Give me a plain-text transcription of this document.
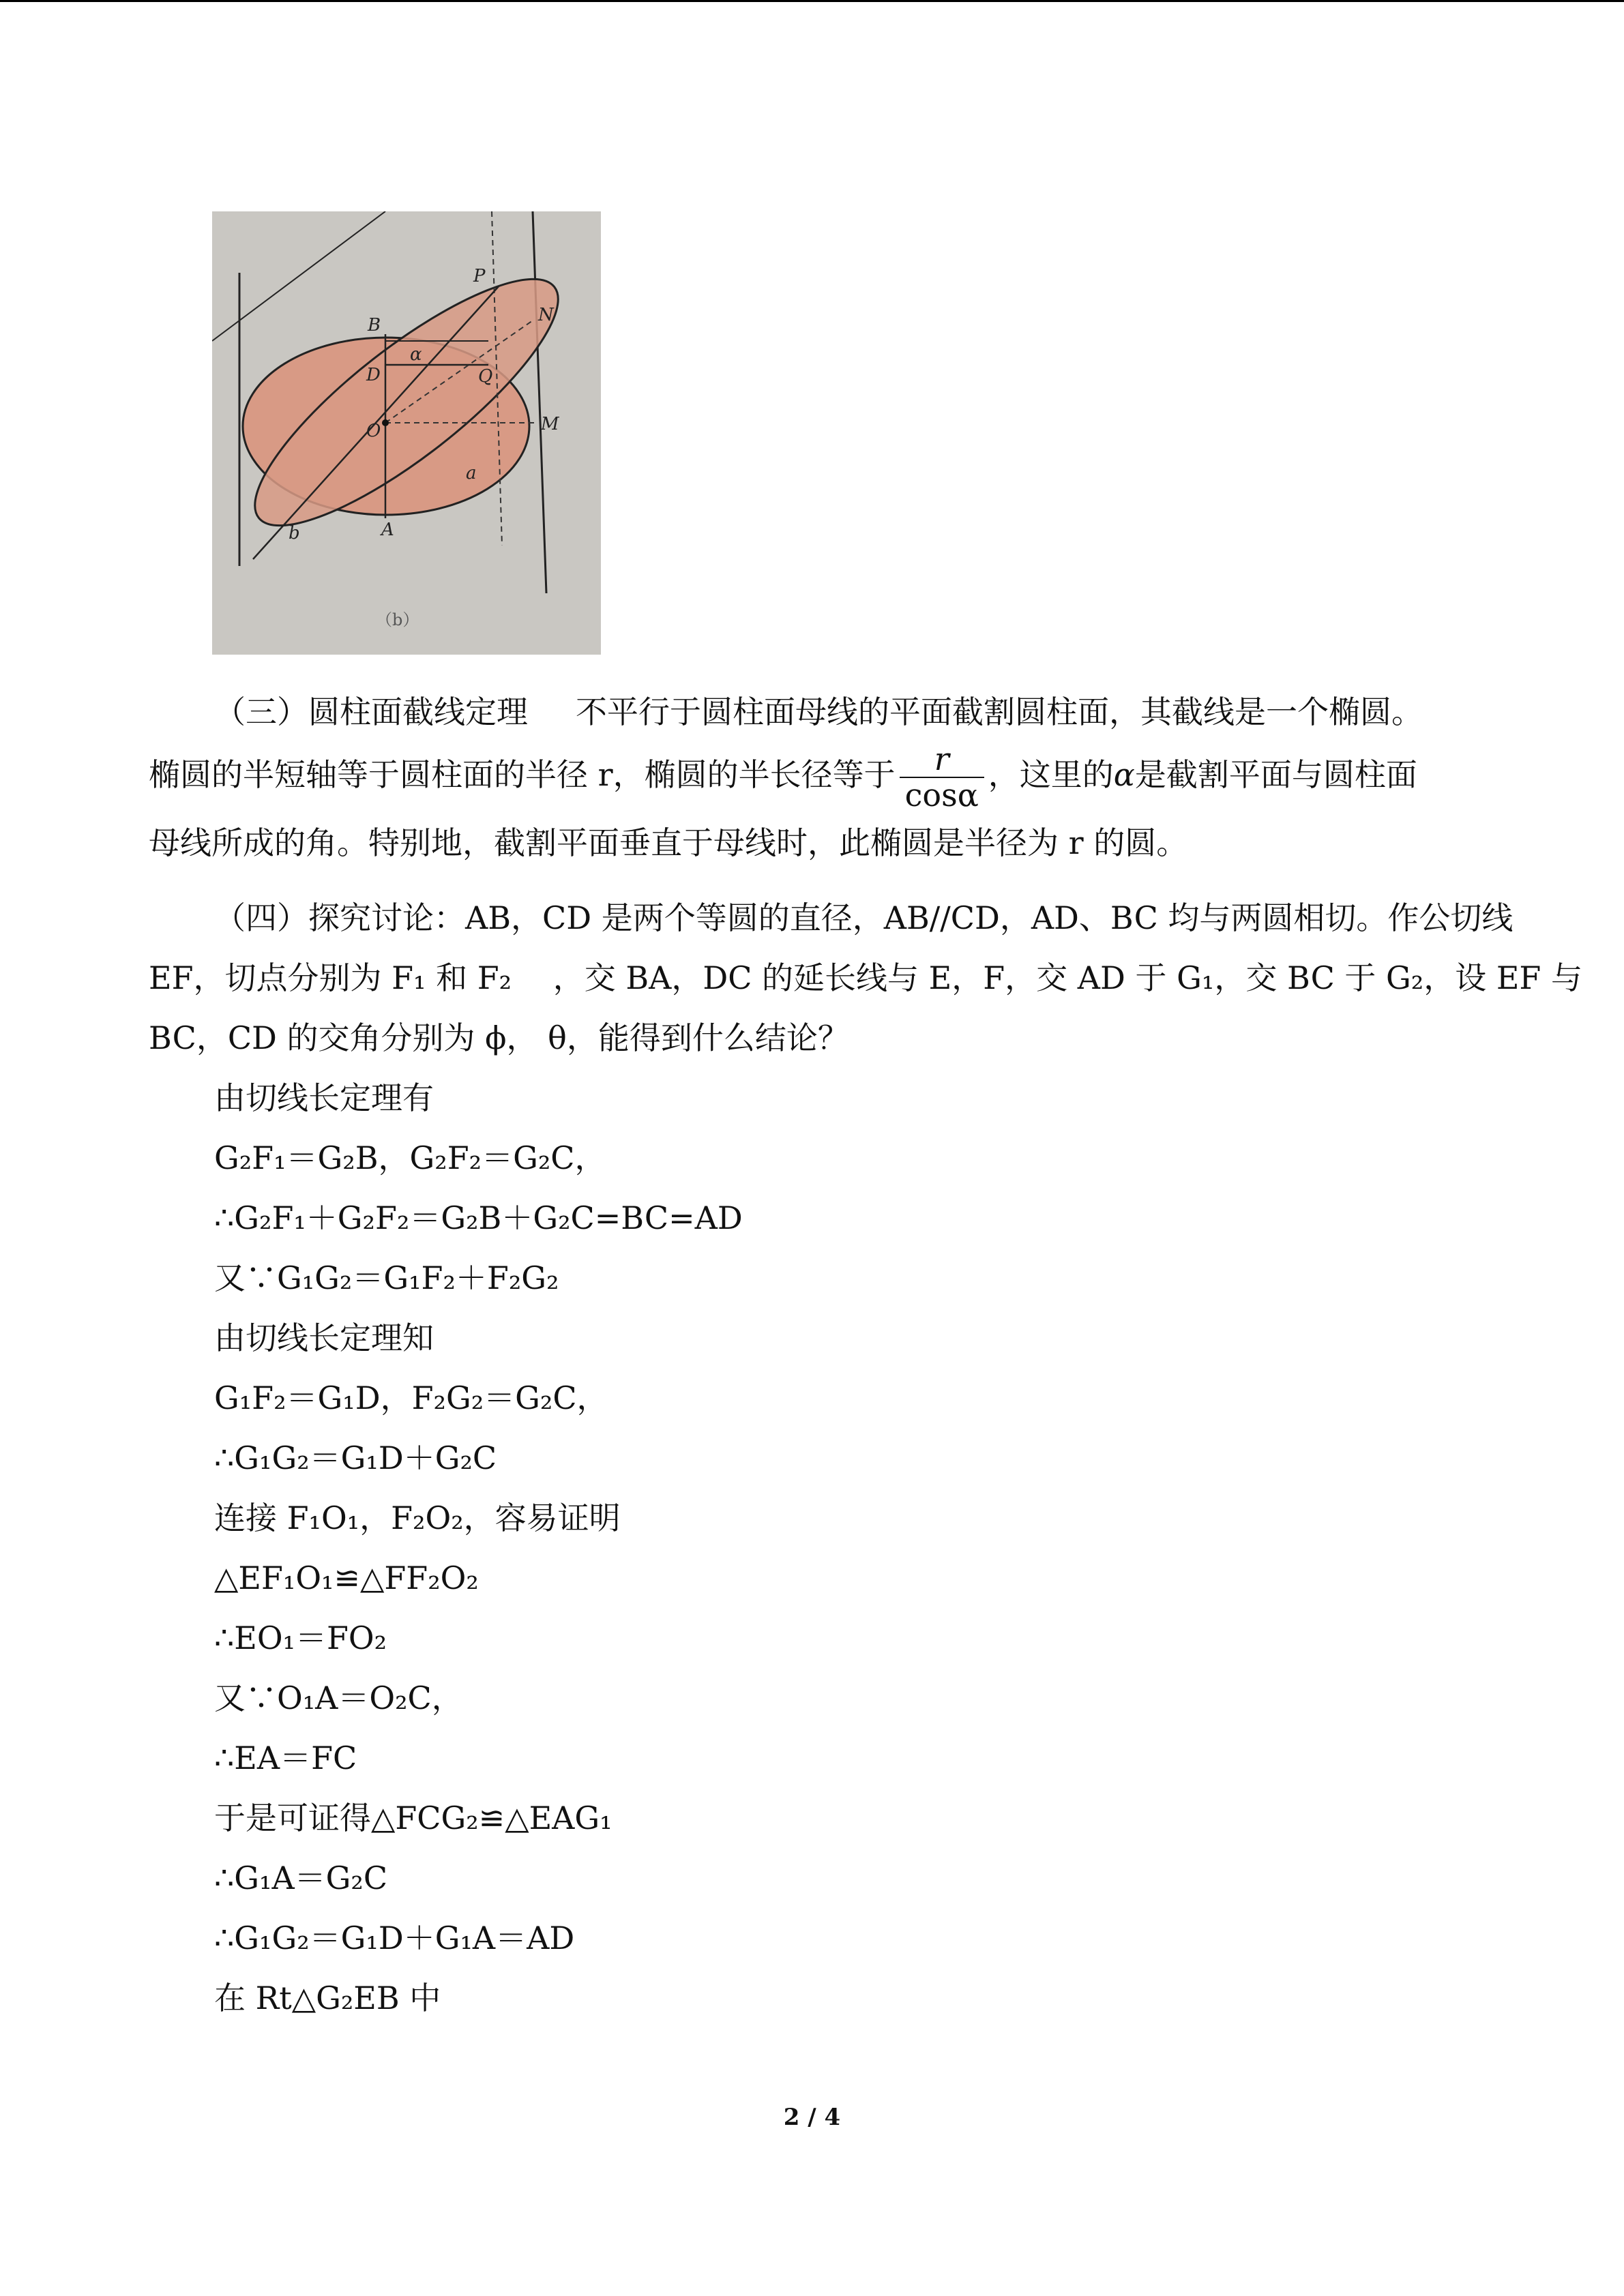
P
N
B
D
α
Q
O	M
a
A
b
（b）

（三）圆柱面截线定理 不平行于圆柱面母线的平面截割圆柱面，其截线是一个椭圆。

椭圆的半短轴等于圆柱面的半径 r，椭圆的半长径等于 $\frac{r}{\cos\alpha}$ ，这里的α是截割平面与圆柱面

母线所成的角。特别地，截割平面垂直于母线时，此椭圆是半径为 r 的圆。

（四）探究讨论：AB，CD 是两个等圆的直径，AB//CD，AD、BC 均与两圆相切。作公切线

EF，切点分别为 F₁ 和 F₂　 ，交 BA，DC 的延长线与 E，F，交 AD 于 G₁，交 BC 于 G₂，设 EF 与

BC，CD 的交角分别为 ϕ， θ，能得到什么结论？

由切线长定理有

G₂F₁＝G₂B，G₂F₂＝G₂C，

∴G₂F₁＋G₂F₂＝G₂B＋G₂C=BC=AD

又∵G₁G₂＝G₁F₂＋F₂G₂

由切线长定理知

G₁F₂＝G₁D，F₂G₂＝G₂C，

∴G₁G₂＝G₁D＋G₂C

连接 F₁O₁，F₂O₂，容易证明

△EF₁O₁≌△FF₂O₂

∴EO₁＝FO₂

又∵O₁A＝O₂C，

∴EA＝FC

于是可证得△FCG₂≌△EAG₁

∴G₁A＝G₂C

∴G₁G₂＝G₁D＋G₁A＝AD

在 Rt△G₂EB 中

2 / 4
